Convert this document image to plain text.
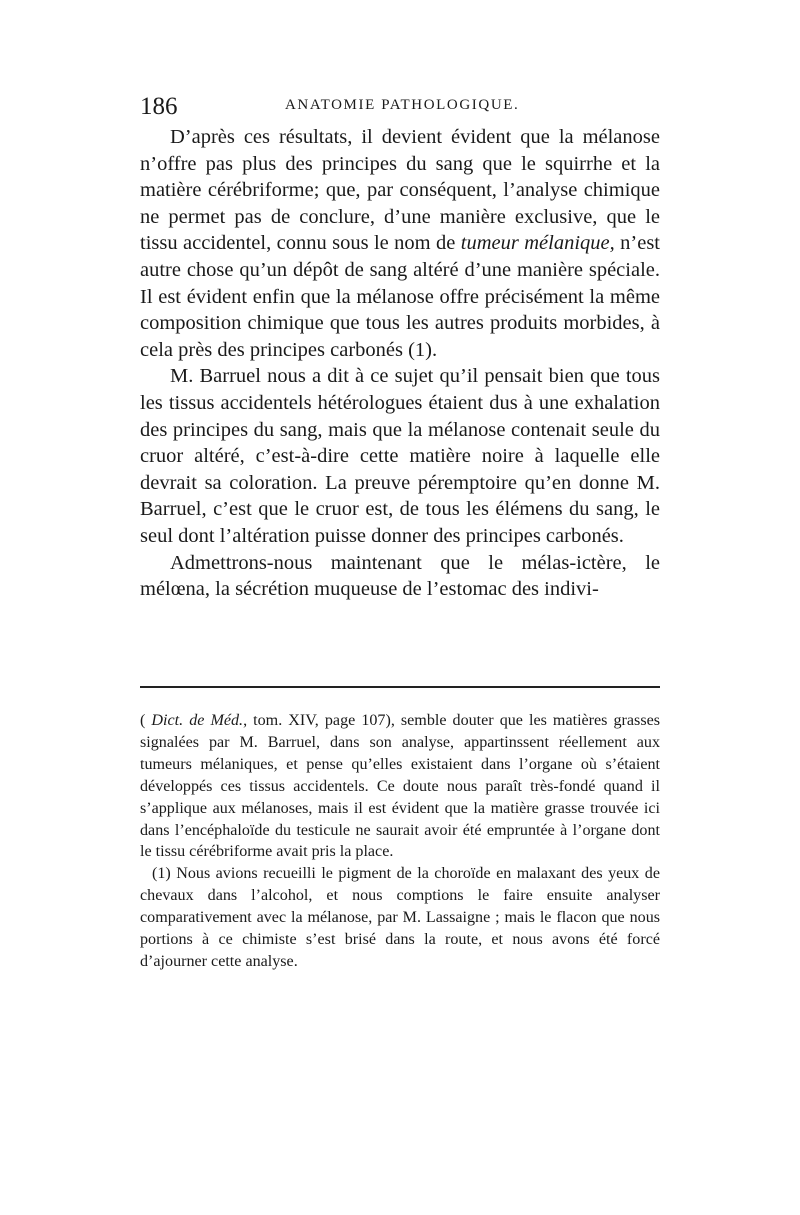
186	ANATOMIE PATHOLOGIQUE.

D’après ces résultats, il devient évident que la mélanose n’offre pas plus des principes du sang que le squirrhe et la matière cérébriforme; que, par conséquent, l’analyse chimique ne permet pas de conclure, d’une manière exclusive, que le tissu accidentel, connu sous le nom de tumeur mélanique, n’est autre chose qu’un dépôt de sang altéré d’une manière spéciale. Il est évident enfin que la mélanose offre précisément la même composition chimique que tous les autres produits morbides, à cela près des principes carbonés (1).

M. Barruel nous a dit à ce sujet qu’il pensait bien que tous les tissus accidentels hétérologues étaient dus à une exhalation des principes du sang, mais que la mélanose contenait seule du cruor altéré, c’est-à-dire cette matière noire à laquelle elle devrait sa coloration. La preuve péremptoire qu’en donne M. Barruel, c’est que le cruor est, de tous les élémens du sang, le seul dont l’altération puisse donner des principes carbonés.

Admettrons-nous maintenant que le mélas-ictère, le mélœna, la sécrétion muqueuse de l’estomac des indivi-

( Dict. de Méd., tom. XIV, page 107), semble douter que les matières grasses signalées par M. Barruel, dans son analyse, appartinssent réellement aux tumeurs mélaniques, et pense qu’elles existaient dans l’organe où s’étaient développés ces tissus accidentels. Ce doute nous paraît très-fondé quand il s’applique aux mélanoses, mais il est évident que la matière grasse trouvée ici dans l’encéphaloïde du testicule ne saurait avoir été empruntée à l’organe dont le tissu cérébriforme avait pris la place.

(1) Nous avions recueilli le pigment de la choroïde en malaxant des yeux de chevaux dans l’alcohol, et nous comptions le faire ensuite analyser comparativement avec la mélanose, par M. Lassaigne ; mais le flacon que nous portions à ce chimiste s’est brisé dans la route, et nous avons été forcé d’ajourner cette analyse.
